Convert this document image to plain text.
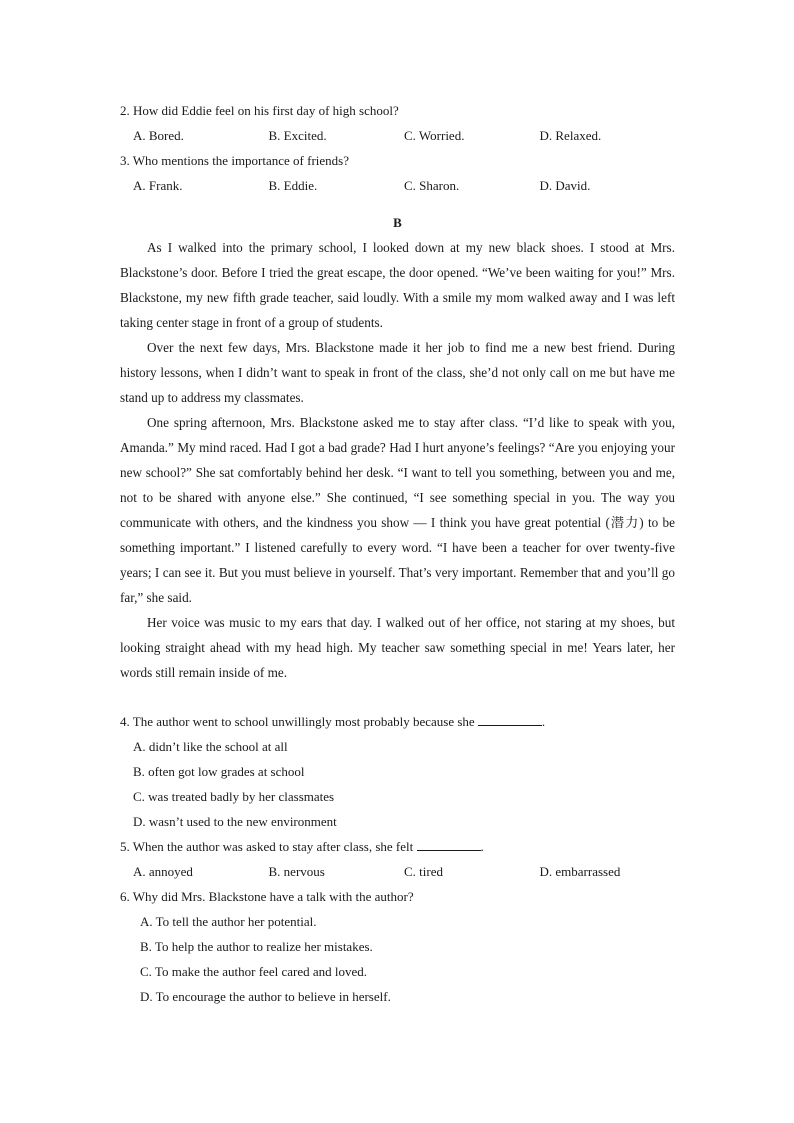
2. How did Eddie feel on his first day of high school?
A. Bored.	B. Excited.	C. Worried.	D. Relaxed.
3. Who mentions the importance of friends?
A. Frank.	B. Eddie.	C. Sharon.	D. David.
B

As I walked into the primary school, I looked down at my new black shoes. I stood at Mrs. Blackstone’s door. Before I tried the great escape, the door opened. “We’ve been waiting for you!” Mrs. Blackstone, my new fifth grade teacher, said loudly. With a smile my mom walked away and I was left taking center stage in front of a group of students.

Over the next few days, Mrs. Blackstone made it her job to find me a new best friend. During history lessons, when I didn’t want to speak in front of the class, she’d not only call on me but have me stand up to address my classmates.

One spring afternoon, Mrs. Blackstone asked me to stay after class. “I’d like to speak with you, Amanda.” My mind raced. Had I got a bad grade? Had I hurt anyone’s feelings? “Are you enjoying your new school?” She sat comfortably behind her desk. “I want to tell you something, between you and me, not to be shared with anyone else.” She continued, “I see something special in you. The way you communicate with others, and the kindness you show — I think you have great potential (潜力) to be something important.” I listened carefully to every word. “I have been a teacher for over twenty-five years; I can see it. But you must believe in yourself. That’s very important. Remember that and you’ll go far,” she said.

Her voice was music to my ears that day. I walked out of her office, not staring at my shoes, but looking straight ahead with my head high. My teacher saw something special in me! Years later, her words still remain inside of me.

4. The author went to school unwillingly most probably because she	.
A. didn’t like the school at all
B. often got low grades at school
C. was treated badly by her classmates
D. wasn’t used to the new environment
5. When the author was asked to stay after class, she felt	.
A. annoyed	B. nervous	C. tired	D. embarrassed
6. Why did Mrs. Blackstone have a talk with the author?
A. To tell the author her potential.
B. To help the author to realize her mistakes.
C. To make the author feel cared and loved.
D. To encourage the author to believe in herself.
